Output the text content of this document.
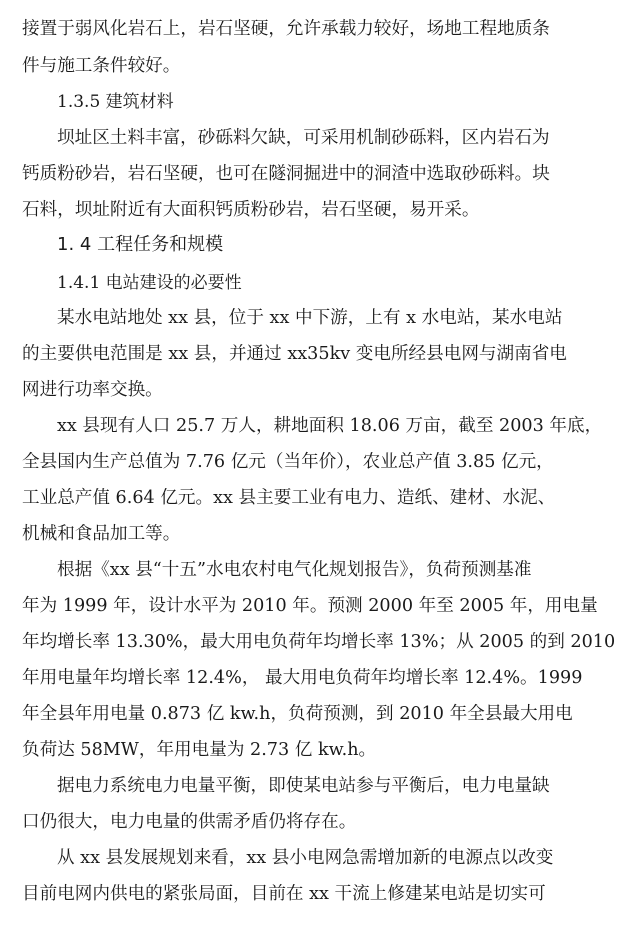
接置于弱风化岩石上，岩石坚硬，允许承载力较好，场地工程地质条
件与施工条件较好。
1.3.5 建筑材料
坝址区土料丰富，砂砾料欠缺，可采用机制砂砾料，区内岩石为
钙质粉砂岩，岩石坚硬，也可在隧洞掘进中的洞渣中选取砂砾料。块
石料，坝址附近有大面积钙质粉砂岩，岩石坚硬，易开采。
1. 4 工程任务和规模
1.4.1 电站建设的必要性
某水电站地处 xx 县，位于 xx 中下游，上有 x 水电站，某水电站
的主要供电范围是 xx 县，并通过 xx35kv 变电所经县电网与湖南省电
网进行功率交换。
xx 县现有人口 25.7 万人，耕地面积 18.06 万亩，截至 2003 年底，
全县国内生产总值为 7.76 亿元（当年价），农业总产值 3.85 亿元，
工业总产值 6.64 亿元。xx 县主要工业有电力、造纸、建材、水泥、
机械和食品加工等。
根据《xx 县“十五”水电农村电气化规划报告》，负荷预测基准
年为 1999 年，设计水平为 2010 年。预测 2000 年至 2005 年，用电量
年均增长率 13.30%，最大用电负荷年均增长率 13%；从 2005 的到 2010
年用电量年均增长率 12.4%， 最大用电负荷年均增长率 12.4%。1999
年全县年用电量 0.873 亿 kw.h，负荷预测，到 2010 年全县最大用电
负荷达 58MW，年用电量为 2.73 亿 kw.h。
据电力系统电力电量平衡，即使某电站参与平衡后，电力电量缺
口仍很大，电力电量的供需矛盾仍将存在。
从 xx 县发展规划来看，xx 县小电网急需增加新的电源点以改变
目前电网内供电的紧张局面，目前在 xx 干流上修建某电站是切实可
